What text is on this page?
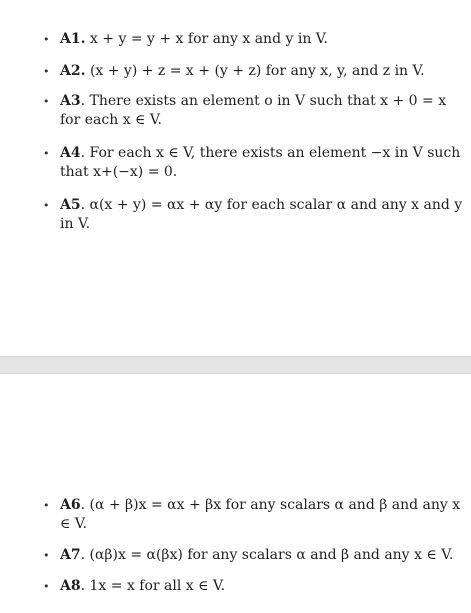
• A1. x + y = y + x for any x and y in V.
• A2. (x + y) + z = x + (y + z) for any x, y, and z in V.
• A3. There exists an element o in V such that x + 0 = x for each x ∈ V.
• A4. For each x ∈ V, there exists an element −x in V such that x+(−x) = 0.
• A5. α(x + y) = αx + αy for each scalar α and any x and y in V.
• A6. (α + β)x = αx + βx for any scalars α and β and any x ∈ V.
• A7. (αβ)x = α(βx) for any scalars α and β and any x ∈ V.
• A8. 1x = x for all x ∈ V.
